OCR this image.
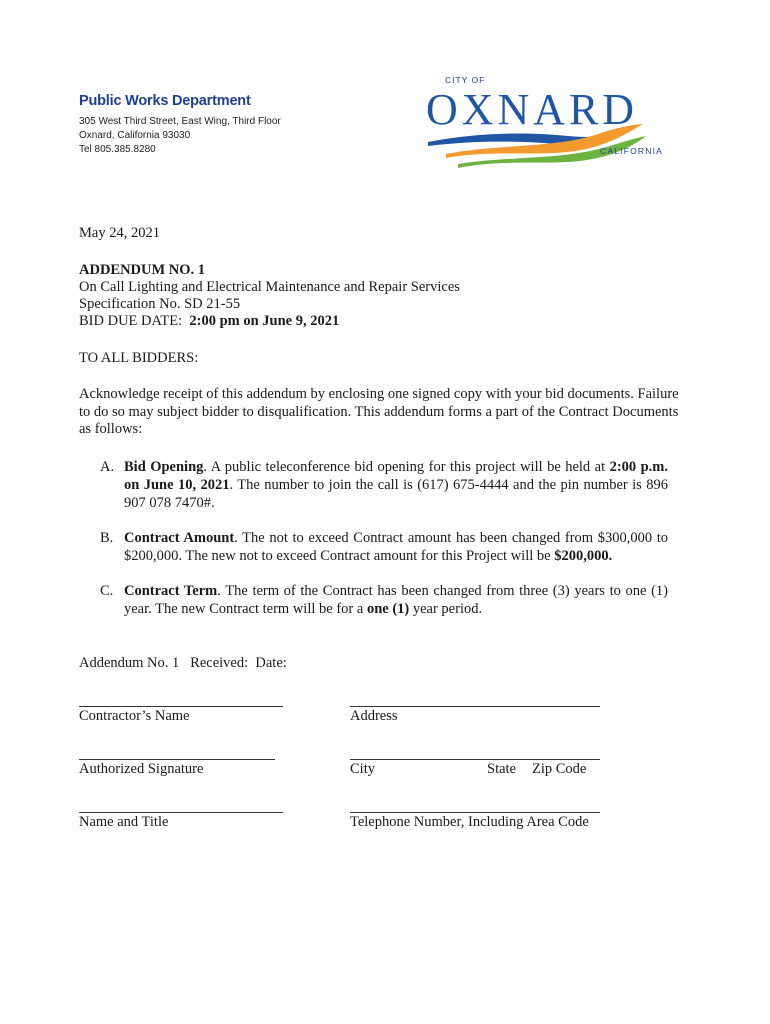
Public Works Department
305 West Third Street, East Wing, Third Floor
Oxnard, California 93030
Tel 805.385.8280
CITY OF
OXNARD
CALIFORNIA
May 24, 2021
ADDENDUM NO. 1
On Call Lighting and Electrical Maintenance and Repair Services
Specification No. SD 21-55
BID DUE DATE: 2:00 pm on June 9, 2021
TO ALL BIDDERS:
Acknowledge receipt of this addendum by enclosing one signed copy with your bid documents. Failure to do so may subject bidder to disqualification. This addendum forms a part of the Contract Documents as follows:
A. Bid Opening. A public teleconference bid opening for this project will be held at 2:00 p.m. on June 10, 2021. The number to join the call is (617) 675-4444 and the pin number is 896 907 078 7470#.
B. Contract Amount. The not to exceed Contract amount has been changed from $300,000 to $200,000. The new not to exceed Contract amount for this Project will be $200,000.
C. Contract Term. The term of the Contract has been changed from three (3) years to one (1) year. The new Contract term will be for a one (1) year period.
Addendum No. 1   Received:  Date:
Contractor’s Name	Address
Authorized Signature	City	State Zip Code
Name and Title	Telephone Number, Including Area Code
